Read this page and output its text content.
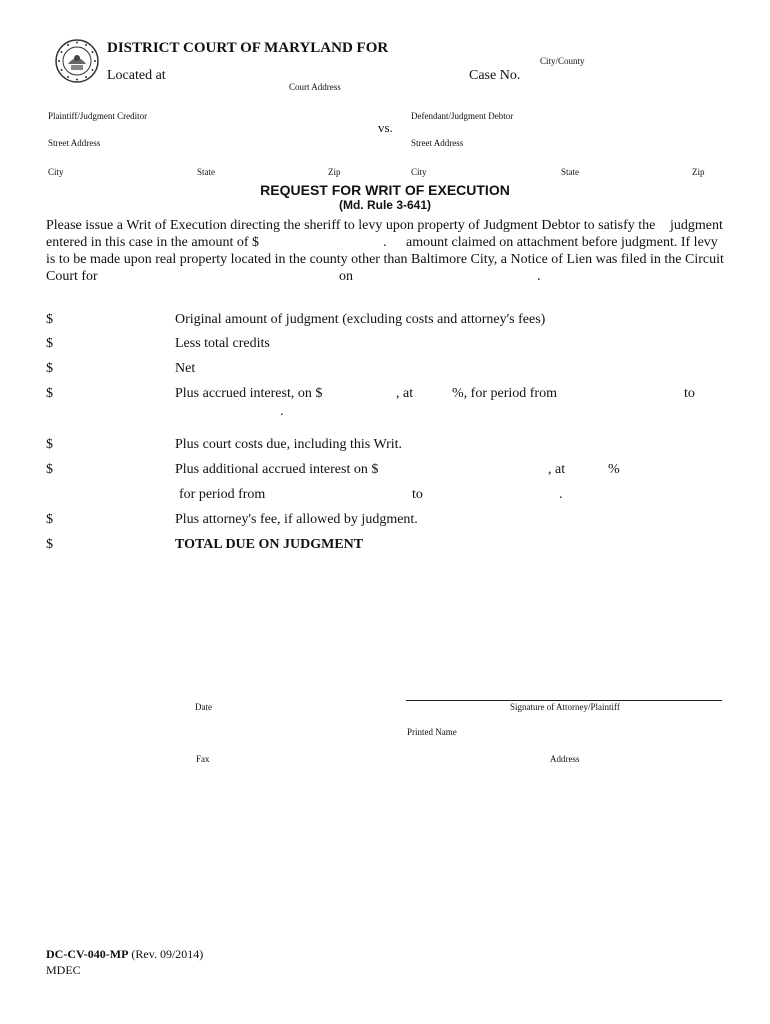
DISTRICT COURT OF MARYLAND FOR
City/County
Located at
Court Address
Case No.
Plaintiff/Judgment Creditor	Defendant/Judgment Debtor
vs.
Street Address	Street Address
City	State	Zip	City	State	Zip
REQUEST FOR WRIT OF EXECUTION
(Md. Rule 3-641)
Please issue a Writ of Execution directing the sheriff to levy upon property of Judgment Debtor to satisfy the judgment
entered in this case in the amount of $	. amount claimed on attachment before judgment. If levy
is to be made upon real property located in the county other than Baltimore City, a Notice of Lien was filed in the Circuit
Court for	on	.
$	Original amount of judgment (excluding costs and attorney's fees)
$	Less total credits
$	Net
$	Plus accrued interest, on $	, at	%, for period from	to
.
$	Plus court costs due, including this Writ.
$	Plus additional accrued interest on $	, at	%
for period from	to	.
$	Plus attorney's fee, if allowed by judgment.
$	TOTAL DUE ON JUDGMENT
Date	Signature of Attorney/Plaintiff
Printed Name
Fax	Address
DC-CV-040-MP (Rev. 09/2014)
MDEC
